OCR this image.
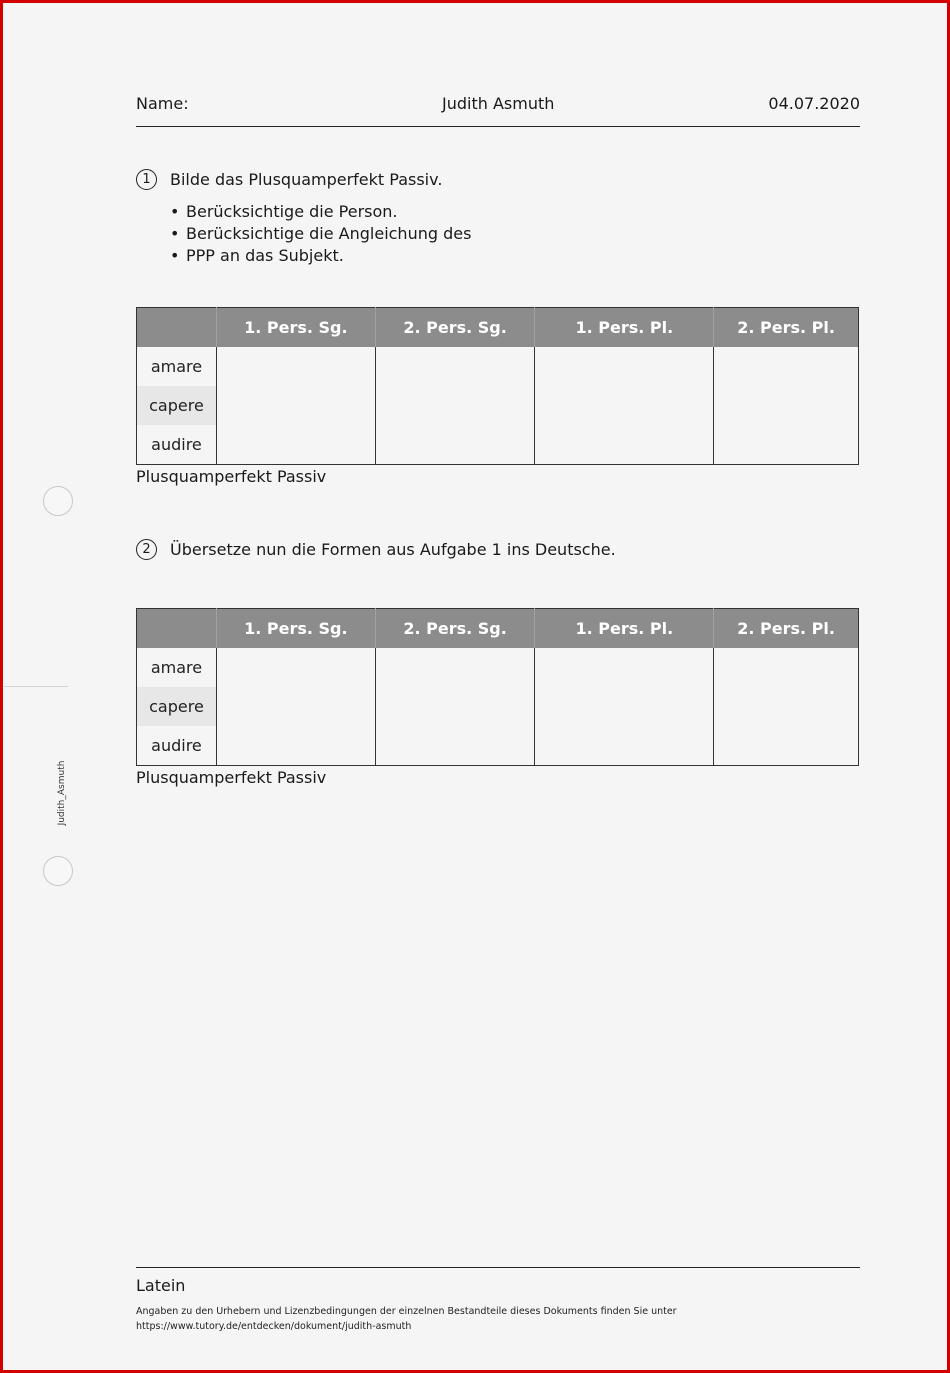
Name:	Judith Asmuth	04.07.2020
1	Bilde das Plusquamperfekt Passiv.
• Berücksichtige die Person.
• Berücksichtige die Angleichung des
• PPP an das Subjekt.
	1. Pers. Sg.	2. Pers. Sg.	1. Pers. Pl.	2. Pers. Pl.
amare				
capere				
audire				
Plusquamperfekt Passiv
2	Übersetze nun die Formen aus Aufgabe 1 ins Deutsche.
	1. Pers. Sg.	2. Pers. Sg.	1. Pers. Pl.	2. Pers. Pl.
amare				
capere				
audire				
Plusquamperfekt Passiv
Judith_Asmuth
Latein
Angaben zu den Urhebern und Lizenzbedingungen der einzelnen Bestandteile dieses Dokuments finden Sie unter
https://www.tutory.de/entdecken/dokument/judith-asmuth
